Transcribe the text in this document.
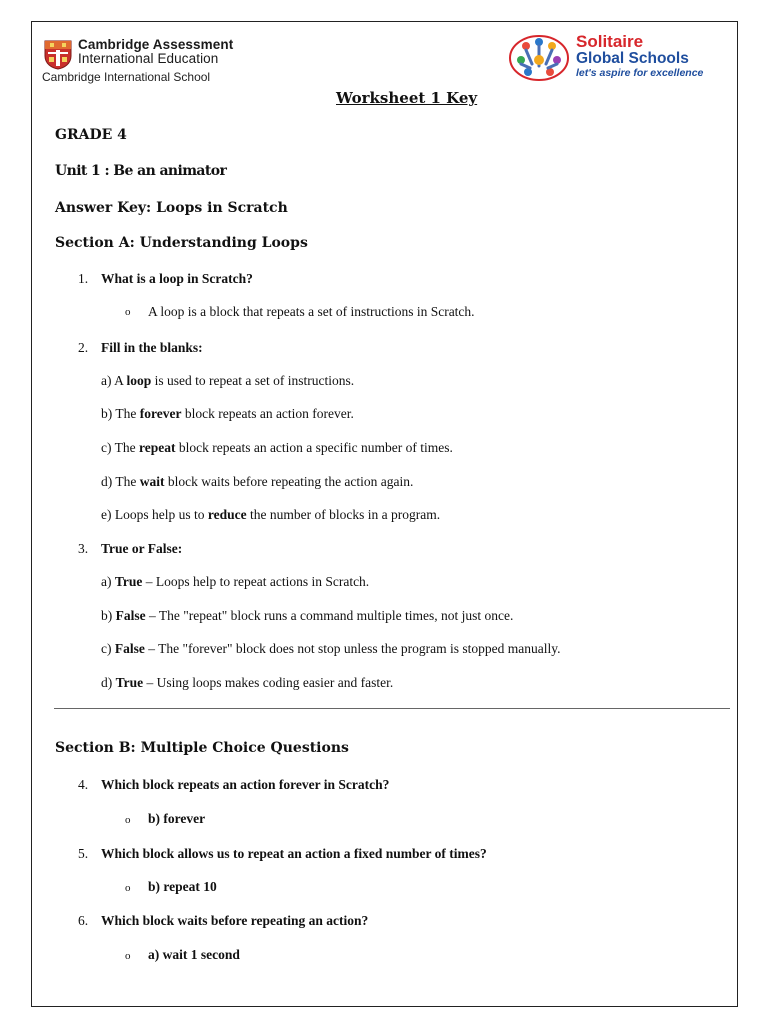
Cambridge Assessment
International Education
Cambridge International School
Solitaire
Global Schools
let's aspire for excellence
Worksheet 1 Key
GRADE 4
Unit 1 : Be an animator
Answer Key: Loops in Scratch
Section A: Understanding Loops
1. What is a loop in Scratch?
o A loop is a block that repeats a set of instructions in Scratch.
2. Fill in the blanks:
a) A loop is used to repeat a set of instructions.
b) The forever block repeats an action forever.
c) The repeat block repeats an action a specific number of times.
d) The wait block waits before repeating the action again.
e) Loops help us to reduce the number of blocks in a program.
3. True or False:
a) True – Loops help to repeat actions in Scratch.
b) False – The "repeat" block runs a command multiple times, not just once.
c) False – The "forever" block does not stop unless the program is stopped manually.
d) True – Using loops makes coding easier and faster.
Section B: Multiple Choice Questions
4. Which block repeats an action forever in Scratch?
o b) forever
5. Which block allows us to repeat an action a fixed number of times?
o b) repeat 10
6. Which block waits before repeating an action?
o a) wait 1 second
